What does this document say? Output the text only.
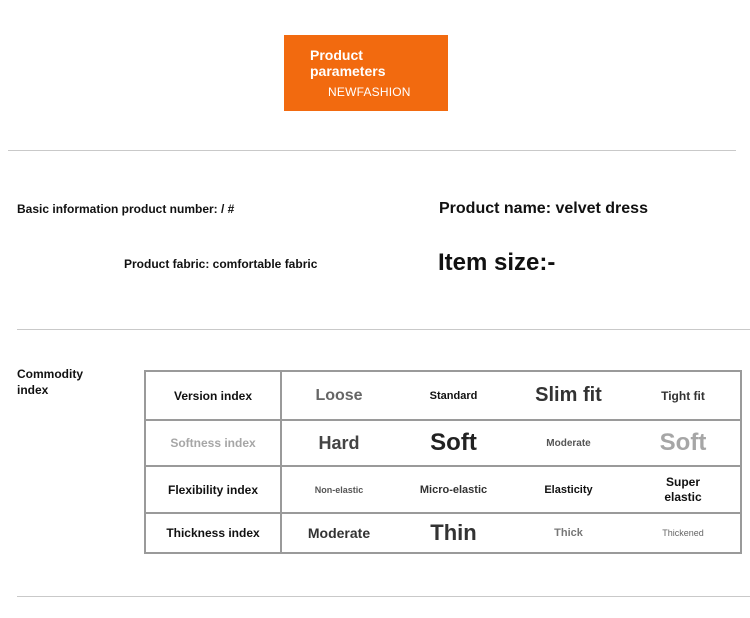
Product
parameters
NEWFASHION
Basic information product number: / #	Product name: velvet dress
Product fabric: comfortable fabric	Item size:-
Commodity
index	Version index	Loose	Standard	Slim fit	Tight fit
Softness index	Hard	Soft	Moderate	Soft
Flexibility index	Non-elastic	Micro-elastic	Elasticity	Super elastic

Thickness index	Moderate	Thin	Thick	Thickened
